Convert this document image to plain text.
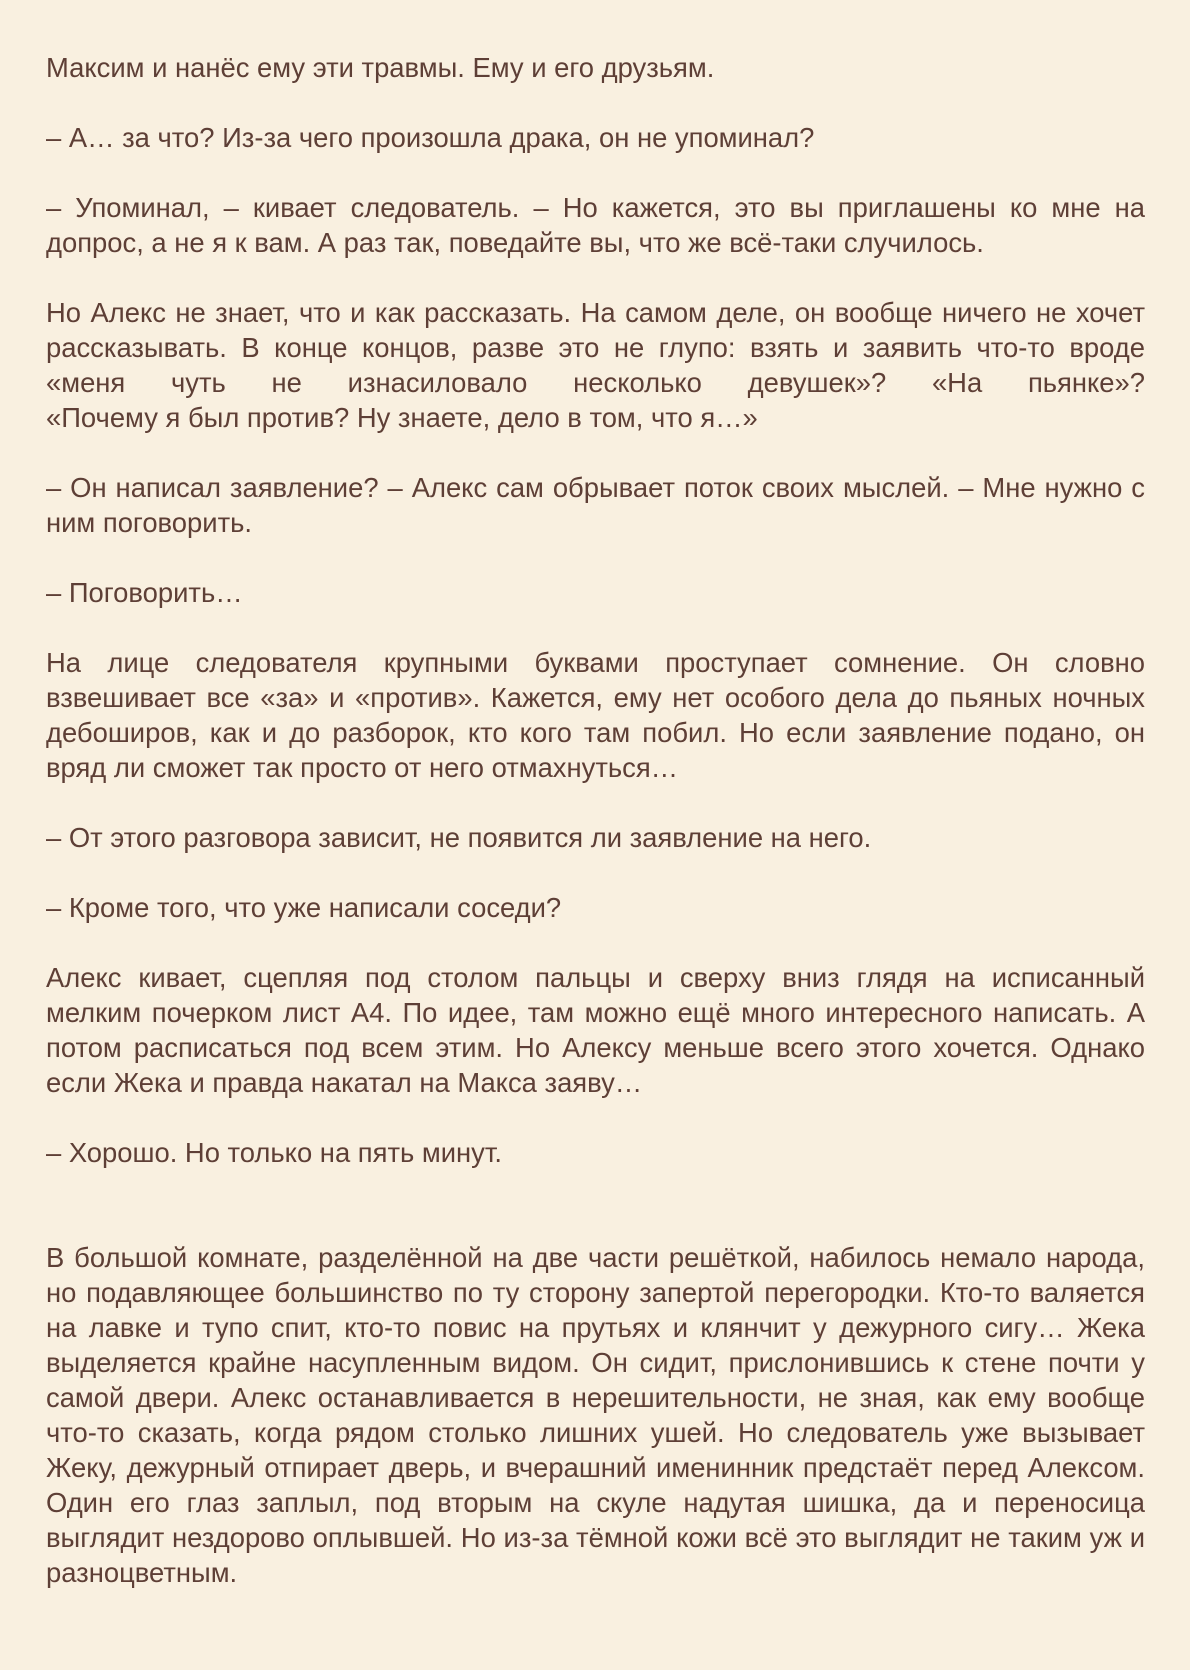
Максим и нанёс ему эти травмы. Ему и его друзьям.

– А… за что? Из-за чего произошла драка, он не упоминал?

– Упоминал, – кивает следователь. – Но кажется, это вы приглашены ко мне на допрос, а не я к вам. А раз так, поведайте вы, что же всё-таки случилось.

Но Алекс не знает, что и как рассказать. На самом деле, он вообще ничего не хочет рассказывать. В конце концов, разве это не глупо: взять и заявить что-то вроде «меня чуть не изнасиловало несколько девушек»? «На пьянке»?
«Почему я был против? Ну знаете, дело в том, что я…»

– Он написал заявление? – Алекс сам обрывает поток своих мыслей. – Мне нужно с ним поговорить.

– Поговорить…

На лице следователя крупными буквами проступает сомнение. Он словно взвешивает все «за» и «против». Кажется, ему нет особого дела до пьяных ночных дебоширов, как и до разборок, кто кого там побил. Но если заявление подано, он вряд ли сможет так просто от него отмахнуться…

– От этого разговора зависит, не появится ли заявление на него.

– Кроме того, что уже написали соседи?

Алекс кивает, сцепляя под столом пальцы и сверху вниз глядя на исписанный мелким почерком лист А4. По идее, там можно ещё много интересного написать. А потом расписаться под всем этим. Но Алексу меньше всего этого хочется. Однако если Жека и правда накатал на Макса заяву…

– Хорошо. Но только на пять минут.

В большой комнате, разделённой на две части решёткой, набилось немало народа, но подавляющее большинство по ту сторону запертой перегородки. Кто-то валяется на лавке и тупо спит, кто-то повис на прутьях и клянчит у дежурного сигу… Жека выделяется крайне насупленным видом. Он сидит, прислонившись к стене почти у самой двери. Алекс останавливается в нерешительности, не зная, как ему вообще что-то сказать, когда рядом столько лишних ушей. Но следователь уже вызывает Жеку, дежурный отпирает дверь, и вчерашний именинник предстаёт перед Алексом. Один его глаз заплыл, под вторым на скуле надутая шишка, да и переносица выглядит нездорово оплывшей. Но из-за тёмной кожи всё это выглядит не таким уж и разноцветным.
